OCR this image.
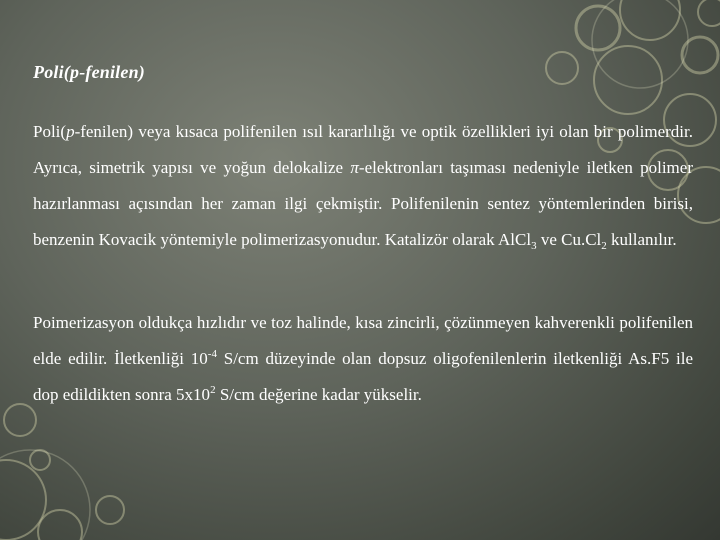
Poli(p-fenilen)

Poli(p-fenilen) veya kısaca polifenilen ısıl kararlılığı ve optik özellikleri iyi olan bir polimerdir. Ayrıca, simetrik yapısı ve yoğun delokalize π-elektronları taşıması nedeniyle iletken polimer hazırlanması açısından her zaman ilgi çekmiştir. Polifenilenin sentez yöntemlerinden birisi, benzenin Kovacik yöntemiyle polimerizasyonudur. Katalizör olarak AlCl$_3$ ve $Cu.Cl_2$ kullanılır.

Poimerizasyon oldukça hızlıdır ve toz halinde, kısa zincirli, çözünmeyen kahverenkli polifenilen elde edilir. İletkenliği $10^{-4}$ S/cm düzeyinde olan dopsuz oligofenilenlerin iletkenliği As.F5 ile dop edildikten sonra $5x10^2$ S/cm değerine kadar yükselir.
